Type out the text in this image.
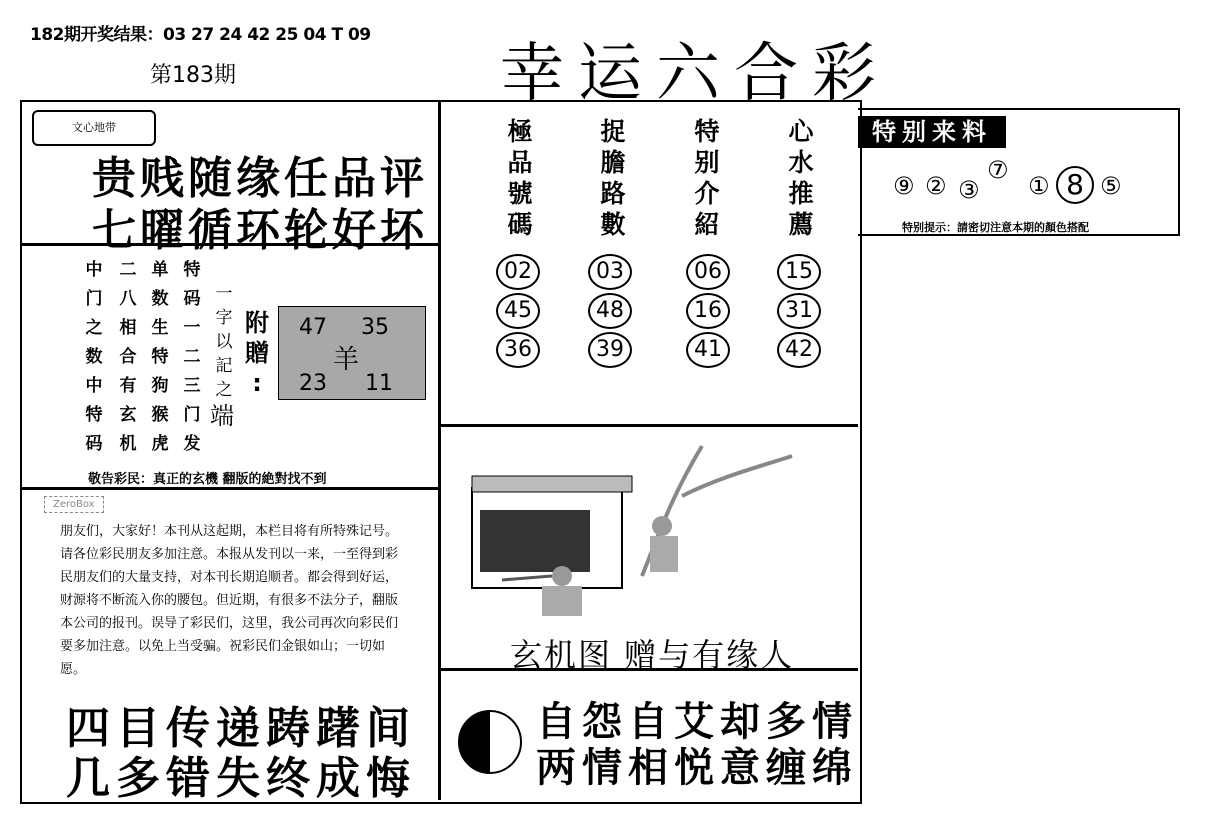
182期开奖结果：03 27 24 42 25 04 T 09
第183期	幸运六合彩
文心地带
贵贱随缘任品评
七曜循环轮好坏
中门之数中特码
二八相合有玄机
单数生特狗猴虎
特码一二三门发
一
字
以
記
之
端
附
贈
:
47 35
羊
23 11
敬告彩民：真正的玄機 翻版的絶對找不到
ZeroBox
朋友们，大家好！本刊从这起期，本栏目将有所特殊记号。请各位彩民朋友多加注意。本报从发刊以一来，一至得到彩民朋友们的大量支持，对本刊长期追顺者。都会得到好运，财源将不断流入你的腰包。但近期，有很多不法分子，翻版本公司的报刊。误导了彩民们，这里，我公司再次向彩民们要多加注意。以免上当受骗。祝彩民们金银如山；一切如愿。
四目传递踌躇间
几多错失终成悔
極品號碼
捉膽路數
特别介紹
心水推薦
02	03	06	15
45	48	16	31
36	39	41	42
玄机图 赠与有缘人
自怨自艾却多情
两情相悦意缠绵
特别来料
⑨ ② ③
⑦
① 8 ⑤
特别提示：請密切注意本期的顏色搭配
